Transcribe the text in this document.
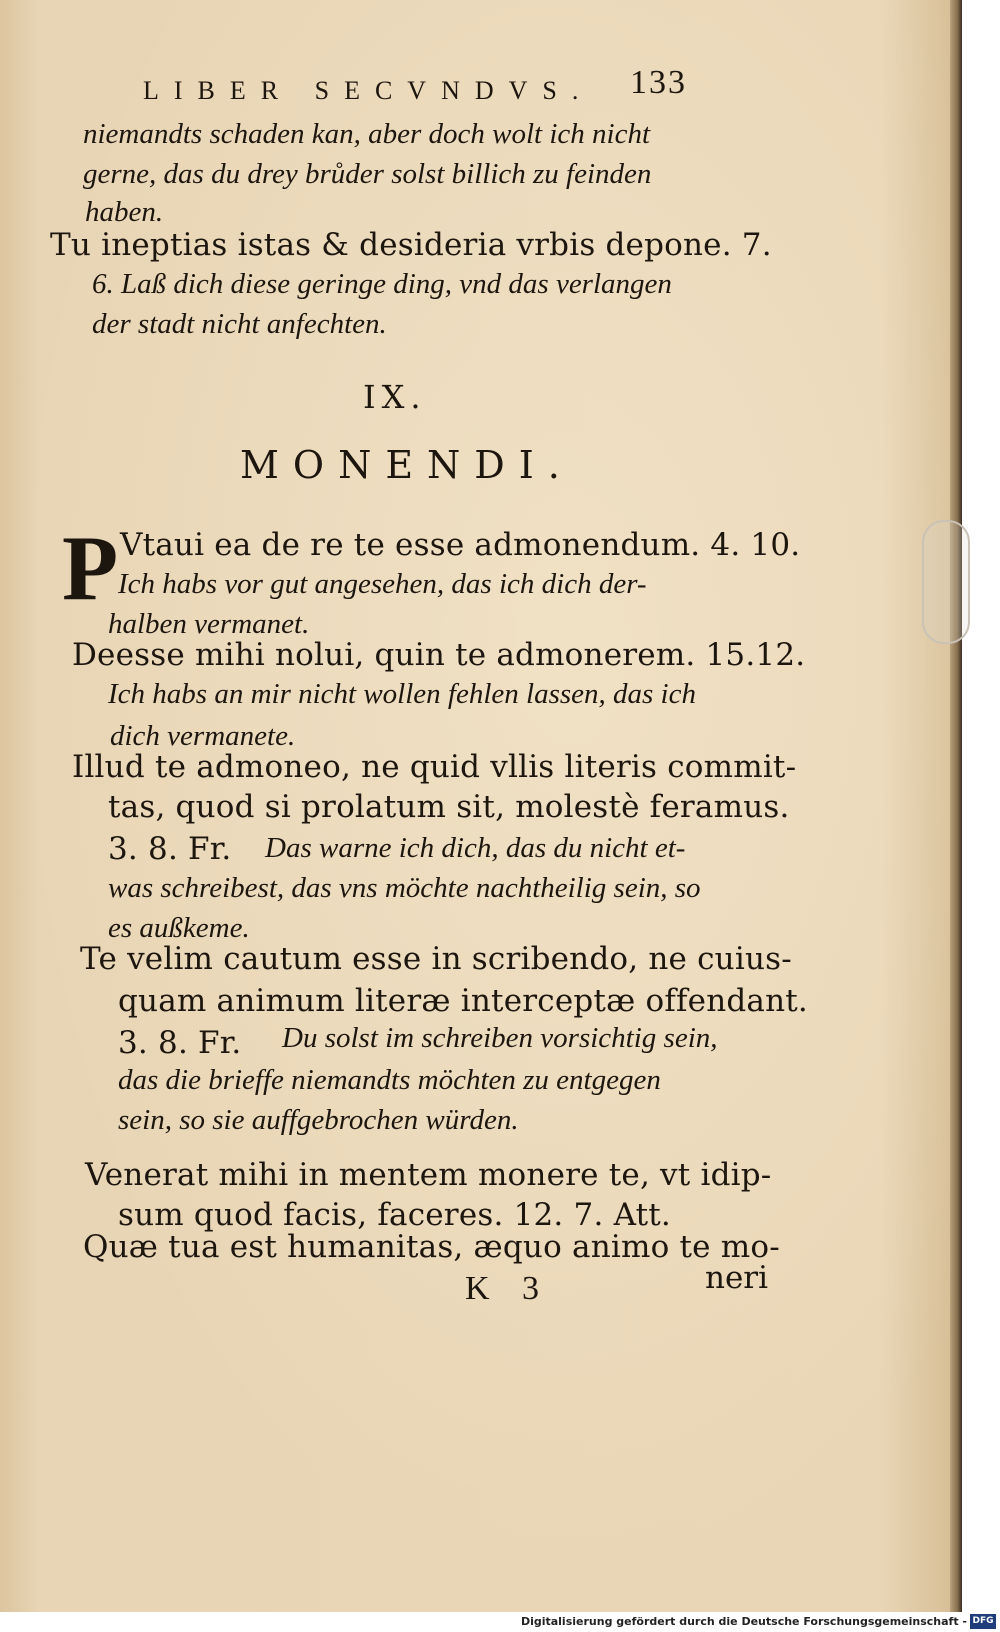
LIBER SECVNDVS. 133
niemandts schaden kan, aber doch wolt ich nicht
gerne, das du drey brůder solst billich zu feinden
haben.
Tu ineptias istas & desideria vrbis depone. 7.
6. Laß dich diese geringe ding, vnd das verlangen
der stadt nicht anfechten.
IX.
MONENDI.
P Vtaui ea de re te esse admonendum. 4. 10.
Ich habs vor gut angesehen, das ich dich der-
halben vermanet.
Deesse mihi nolui, quin te admonerem. 15.12.
Ich habs an mir nicht wollen fehlen lassen, das ich
dich vermanete.
Illud te admoneo, ne quid vllis literis commit-
tas, quod si prolatum sit, molestè feramus.
3. 8. Fr. Das warne ich dich, das du nicht et-
was schreibest, das vns möchte nachtheilig sein, so
es außkeme.
Te velim cautum esse in scribendo, ne cuius-
quam animum literæ interceptæ offendant.
3. 8. Fr. Du solst im schreiben vorsichtig sein,
das die brieffe niemandts möchten zu entgegen
sein, so sie auffgebrochen würden.
Venerat mihi in mentem monere te, vt idip-
sum quod facis, faceres. 12. 7. Att.
Quæ tua est humanitas, æquo animo te mo-
K 3	neri
Digitalisierung gefördert durch die Deutsche Forschungsgemeinschaft - DFG
